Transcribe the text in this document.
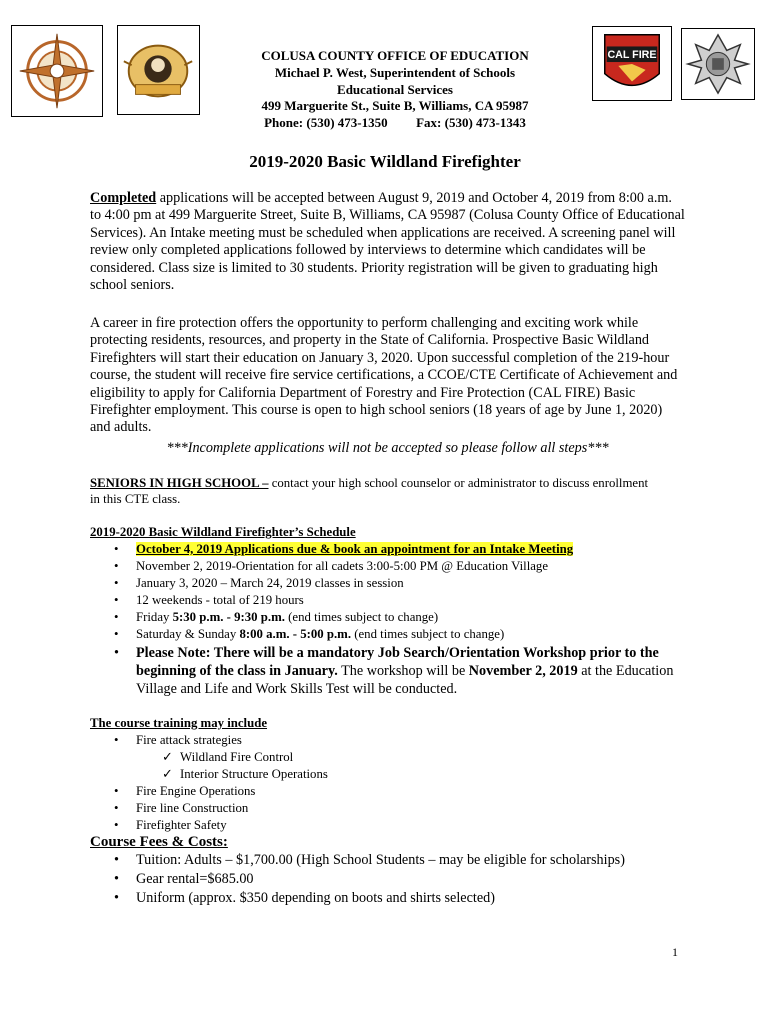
CAL FIRE
COLUSA COUNTY OFFICE OF EDUCATION
Michael P. West, Superintendent of Schools
Educational Services
499 Marguerite St., Suite B, Williams, CA 95987
Phone: (530) 473-1350 Fax: (530) 473-1343
2019-2020 Basic Wildland Firefighter
Completed applications will be accepted between August 9, 2019 and October 4, 2019 from 8:00 a.m. to 4:00 pm at 499 Marguerite Street, Suite B, Williams, CA 95987 (Colusa County Office of Educational Services). An Intake meeting must be scheduled when applications are received. A screening panel will review only completed applications followed by interviews to determine which candidates will be considered. Class size is limited to 30 students. Priority registration will be given to graduating high school seniors.
A career in fire protection offers the opportunity to perform challenging and exciting work while protecting residents, resources, and property in the State of California. Prospective Basic Wildland Firefighters will start their education on January 3, 2020. Upon successful completion of the 219-hour course, the student will receive fire service certifications, a CCOE/CTE Certificate of Achievement and eligibility to apply for California Department of Forestry and Fire Protection (CAL FIRE) Basic Firefighter employment. This course is open to high school seniors (18 years of age by June 1, 2020) and adults.
***Incomplete applications will not be accepted so please follow all steps***
SENIORS IN HIGH SCHOOL – contact your high school counselor or administrator to discuss enrollment in this CTE class.
2019-2020 Basic Wildland Firefighter’s Schedule
• October 4, 2019 Applications due & book an appointment for an Intake Meeting
• November 2, 2019-Orientation for all cadets 3:00-5:00 PM @ Education Village
• January 3, 2020 – March 24, 2019 classes in session
• 12 weekends - total of 219 hours
• Friday 5:30 p.m. - 9:30 p.m. (end times subject to change)
• Saturday & Sunday 8:00 a.m. - 5:00 p.m. (end times subject to change)
• Please Note: There will be a mandatory Job Search/Orientation Workshop prior to the beginning of the class in January. The workshop will be November 2, 2019 at the Education Village and Life and Work Skills Test will be conducted.
The course training may include
• Fire attack strategies
✓ Wildland Fire Control
✓ Interior Structure Operations
• Fire Engine Operations
• Fire line Construction
• Firefighter Safety
Course Fees & Costs:
• Tuition: Adults – $1,700.00 (High School Students – may be eligible for scholarships)
• Gear rental=$685.00
• Uniform (approx. $350 depending on boots and shirts selected)
1
